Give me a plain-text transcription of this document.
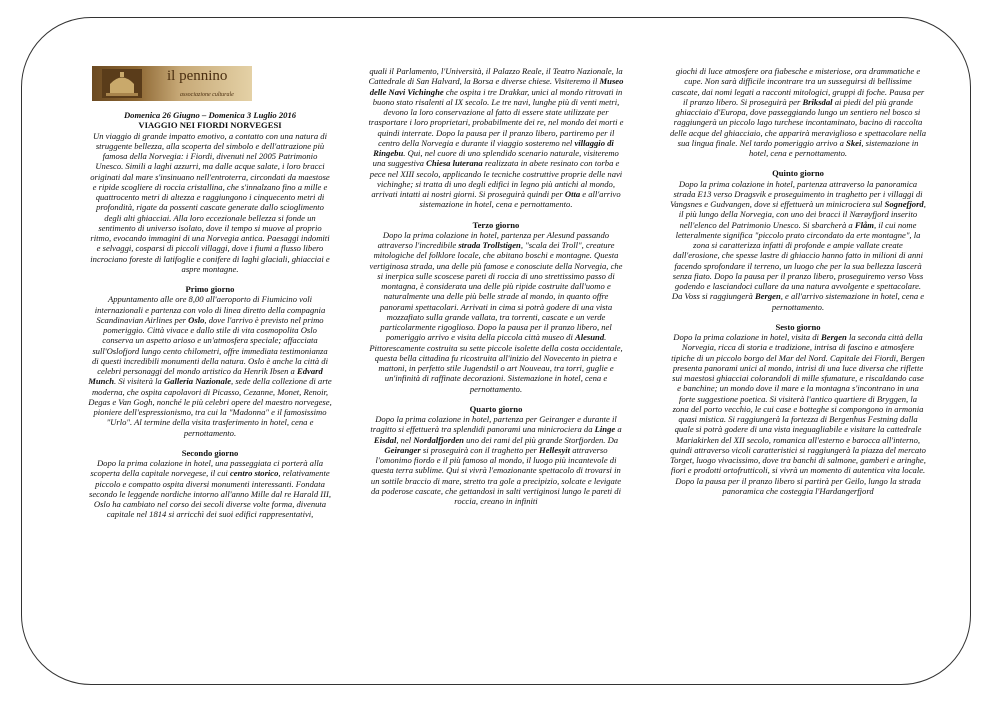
il pennino
associazione culturale
Domenica 26 Giugno – Domenica 3 Luglio 2016
VIAGGIO NEI FIORDI NORVEGESI

Un viaggio di grande impatto emotivo, a contatto con una natura di struggente bellezza, alla scoperta del simbolo e dell'attrazione più famosa della Norvegia: i Fiordi, divenuti nel 2005 Patrimonio Unesco. Simili a laghi azzurri, ma dalle acque salate, i loro bracci originati dal mare s'insinuano nell'entroterra, circondati da maestose e ripide scogliere di roccia cristallina, che s'innalzano fino a mille e quattrocento metri di altezza e raggiungono i cinquecento metri di profondità, rigate da possenti cascate generate dallo scioglimento degli alti ghiacciai. Alla loro eccezionale bellezza si fonde un sentimento di universo isolato, dove il tempo si muove al proprio ritmo, evocando immagini di una Norvegia antica. Paesaggi indomiti e selvaggi, cosparsi di piccoli villaggi, dove i fiumi a flusso libero incrociano foreste di latifoglie e conifere di laghi glaciali, ghiacciai e aspre montagne.

Primo giorno

Appuntamento alle ore 8,00 all'aeroporto di Fiumicino voli internazionali e partenza con volo di linea diretto della compagnia Scandinavian Airlines per Oslo, dove l'arrivo è previsto nel primo pomeriggio. Città vivace e dallo stile di vita cosmopolita Oslo conserva un aspetto arioso e un'atmosfera speciale; affacciata sull'Oslofjord lungo cento chilometri, offre immediata testimonianza di questi incredibili monumenti della natura. Oslo è anche la città di celebri personaggi del mondo artistico da Henrik Ibsen a Edvard Munch. Si visiterà la Galleria Nazionale, sede della collezione di arte moderna, che ospita capolavori di Picasso, Cezanne, Monet, Renoir, Degas e Van Gogh, nonché le più celebri opere del maestro norvegese, pioniere dell'espressionismo, tra cui la "Madonna" e il famosissimo "Urlo". Al termine della visita trasferimento in hotel, cena e pernottamento.

Secondo giorno

Dopo la prima colazione in hotel, una passeggiata ci porterà alla scoperta della capitale norvegese, il cui centro storico, relativamente piccolo e compatto ospita diversi monumenti interessanti. Fondata secondo le leggende nordiche intorno all'anno Mille dal re Harald III, Oslo ha cambiato nel corso dei secoli diverse volte forma, divenuta capitale nel 1814 si arricchì dei suoi edifici rappresentativi,

quali il Parlamento, l'Università, il Palazzo Reale, il Teatro Nazionale, la Cattedrale di San Halvard, la Borsa e diverse chiese. Visiteremo il Museo delle Navi Vichinghe che ospita i tre Drakkar, unici al mondo ritrovati in buono stato risalenti al IX secolo. Le tre navi, lunghe più di venti metri, devono la loro conservazione al fatto di essere state utilizzate per trasportare i loro proprietari, probabilmente dei re, nel mondo dei morti e quindi interrate. Dopo la pausa per il pranzo libero, partiremo per il centro della Norvegia e durante il viaggio sosteremo nel villaggio di Ringebu. Qui, nel cuore di uno splendido scenario naturale, visiteremo una suggestiva Chiesa luterana realizzata in abete resinato con torba e pece nel XIII secolo, applicando le tecniche costruttive proprie delle navi vichinghe; si tratta di uno degli edifici in legno più antichi al mondo, arrivati intatti ai nostri giorni. Si proseguirà quindi per Otta e all'arrivo sistemazione in hotel, cena e pernottamento.

Terzo giorno

Dopo la prima colazione in hotel, partenza per Alesund passando attraverso l'incredibile strada Trollstigen, "scala dei Troll", creature mitologiche del folklore locale, che abitano boschi e montagne. Questa vertiginosa strada, una delle più famose e conosciute della Norvegia, che si inerpica sulle scoscese pareti di roccia di uno strettissimo passo di montagna, è considerata una delle più ripide costruite dall'uomo e naturalmente una delle più belle strade al mondo, in quanto offre panorami spettacolari. Arrivati in cima si potrà godere di una vista mozzafiato sulla grande vallata, tra torrenti, cascate e un verde particolarmente rigoglioso. Dopo la pausa per il pranzo libero, nel pomeriggio arrivo e visita della piccola città museo di Alesund. Pittorescamente costruita su sette piccole isolette della costa occidentale, questa bella cittadina fu ricostruita all'inizio del Novecento in pietra e mattoni, in perfetto stile Jugendstil o art Nouveau, tra torri, guglie e un'infinità di raffinate decorazioni. Sistemazione in hotel, cena e pernottamento.

Quarto giorno

Dopo la prima colazione in hotel, partenza per Geiranger e durante il tragitto si effettuerà tra splendidi panorami una minicrociera da Linge a Eisdal, nel Nordalfjorden uno dei rami del più grande Storfjorden. Da Geiranger si proseguirà con il traghetto per Hellesyit attraverso l'omonimo fiordo e il più famoso al mondo, il luogo più incantevole di questa terra sublime. Qui si vivrà l'emozionante spettacolo di trovarsi in un sottile braccio di mare, stretto tra gole a precipizio, solcate e levigate da poderose cascate, che gettandosi in salti vertiginosi lungo le pareti di roccia, creano in infiniti

giochi di luce atmosfere ora fiabesche e misteriose, ora drammatiche e cupe. Non sarà difficile incontrare tra un susseguirsi di bellissime cascate, dai nomi legati a racconti mitologici, gruppi di foche. Pausa per il pranzo libero. Si proseguirà per Briksdal ai piedi del più grande ghiacciaio d'Europa, dove passeggiando lungo un sentiero nel bosco si raggiungerà un piccolo lago turchese incontaminato, bacino di raccolta delle acque del ghiacciaio, che apparirà meraviglioso e spettacolare nella sua lingua finale. Nel tardo pomeriggio arrivo a Skei, sistemazione in hotel, cena e pernottamento.

Quinto giorno

Dopo la prima colazione in hotel, partenza attraverso la panoramica strada E13 verso Dragsvik e proseguimento in traghetto per i villaggi di Vangsnes e Gudvangen, dove si effettuerà un minicrociera sul Sognefjord, il più lungo della Norvegia, con uno dei bracci il Nærøyfjord inserito nell'elenco del Patrimonio Unesco. Si sbarcherà a Flåm, il cui nome letteralmente significa "piccolo prato circondato da erte montagne", la zona si caratterizza infatti di profonde e ampie vallate create dall'erosione, che spesse lastre di ghiaccio hanno fatto in milioni di anni facendo sprofondare il terreno, un luogo che per la sua bellezza lascerà senza fiato. Dopo la pausa per il pranzo libero, proseguiremo verso Voss godendo e lasciandoci cullare da una natura avvolgente e spettacolare. Da Voss si raggiungerà Bergen, e all'arrivo sistemazione in hotel, cena e pernottamento.

Sesto giorno

Dopo la prima colazione in hotel, visita di Bergen la seconda città della Norvegia, ricca di storia e tradizione, intrisa di fascino e atmosfere tipiche di un piccolo borgo del Mar del Nord. Capitale dei Fiordi, Bergen presenta panorami unici al mondo, intrisi di una luce diversa che riflette sui maestosi ghiacciai colorandoli di mille sfumature, e riscaldando case e banchine; un mondo dove il mare e la montagna s'incontrano in una forte suggestione poetica. Si visiterà l'antico quartiere di Bryggen, la zona del porto vecchio, le cui case e botteghe si compongono in armonia quasi mistica. Si raggiungerà la fortezza di Bergenhus Festning dalla quale si potrà godere di una vista ineguagliabile e visitare la cattedrale Mariakirken del XII secolo, romanica all'esterno e barocca all'interno, quindi attraverso vicoli caratteristici si raggiungerà la piazza del mercato Torget, luogo vivacissimo, dove tra banchi di salmone, gamberi e aringhe, fiori e prodotti ortofrutticoli, si vivrà un momento di autentica vita locale. Dopo la pausa per il pranzo libero si partirà per Geilo, lungo la strada panoramica che costeggia l'Hardangerfjord
